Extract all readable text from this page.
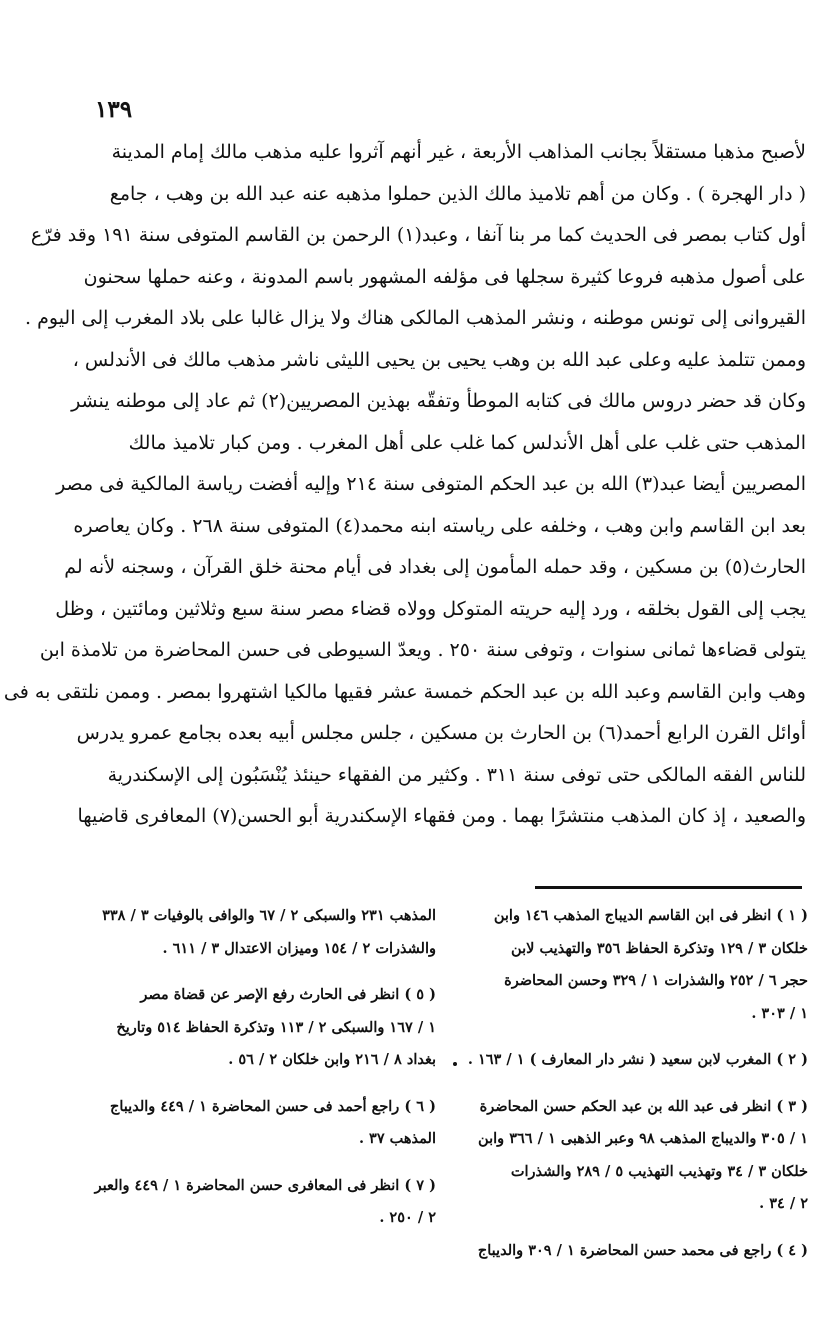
١٣٩
لأصبح مذهبا مستقلاً بجانب المذاهب الأربعة ، غير أنهم آثروا عليه مذهب مالك إمام المدينة
( دار الهجرة ) . وكان من أهم تلاميذ مالك الذين حملوا مذهبه عنه عبد الله بن وهب ، جامع
أول كتاب بمصر فى الحديث كما مر بنا آنفا ، وعبد(١) الرحمن بن القاسم المتوفى سنة ١٩١ وقد فرّع
على أصول مذهبه فروعا كثيرة سجلها فى مؤلفه المشهور باسم المدونة ، وعنه حملها سحنون
القيروانى إلى تونس موطنه ، ونشر المذهب المالكى هناك ولا يزال غالبا على بلاد المغرب إلى اليوم .
وممن تتلمذ عليه وعلى عبد الله بن وهب يحيى بن يحيى الليثى ناشر مذهب مالك فى الأندلس ،
وكان قد حضر دروس مالك فى كتابه الموطأ وتفقّه بهذين المصريين(٢) ثم عاد إلى موطنه ينشر
المذهب حتى غلب على أهل الأندلس كما غلب على أهل المغرب . ومن كبار تلاميذ مالك
المصريين أيضا عبد(٣) الله بن عبد الحكم المتوفى سنة ٢١٤ وإليه أفضت رياسة المالكية فى مصر
بعد ابن القاسم وابن وهب ، وخلفه على رياسته ابنه محمد(٤) المتوفى سنة ٢٦٨ . وكان يعاصره
الحارث(٥) بن مسكين ، وقد حمله المأمون إلى بغداد فى أيام محنة خلق القرآن ، وسجنه لأنه لم
يجب إلى القول بخلقه ، ورد إليه حريته المتوكل وولاه قضاء مصر سنة سبع وثلاثين ومائتين ، وظل
يتولى قضاءها ثمانى سنوات ، وتوفى سنة ٢٥٠ . ويعدّ السيوطى فى حسن المحاضرة من تلامذة ابن
وهب وابن القاسم وعبد الله بن عبد الحكم خمسة عشر فقيها مالكيا اشتهروا بمصر . وممن نلتقى به فى
أوائل القرن الرابع أحمد(٦) بن الحارث بن مسكين ، جلس مجلس أبيه بعده بجامع عمرو يدرس
للناس الفقه المالكى حتى توفى سنة ٣١١ . وكثير من الفقهاء حينئذ يُنْسَبُون إلى الإسكندرية
والصعيد ، إذ كان المذهب منتشرًا بهما . ومن فقهاء الإسكندرية أبو الحسن(٧) المعافرى قاضيها
( ١ ) انظر فى ابن القاسم الديباج المذهب ١٤٦ وابن
خلكان ٣ / ١٢٩ وتذكرة الحفاظ ٣٥٦ والتهذيب لابن
حجر ٦ / ٢٥٢ والشذرات ١ / ٣٢٩ وحسن المحاضرة
١ / ٣٠٣ .
( ٢ ) المغرب لابن سعيد ( نشر دار المعارف ) ١ / ١٦٣ .
( ٣ ) انظر فى عبد الله بن عبد الحكم حسن المحاضرة
١ / ٣٠٥ والديباج المذهب ٩٨ وعبر الذهبى ١ / ٣٦٦ وابن
خلكان ٣ / ٣٤ وتهذيب التهذيب ٥ / ٢٨٩ والشذرات
٢ / ٣٤ .
( ٤ ) راجع فى محمد حسن المحاضرة ١ / ٣٠٩ والديباج
المذهب ٢٣١ والسبكى ٢ / ٦٧ والوافى بالوفيات ٣ / ٣٣٨
والشذرات ٢ / ١٥٤ وميزان الاعتدال ٣ / ٦١١ .
( ٥ ) انظر فى الحارث رفع الإصر عن قضاة مصر
١ / ١٦٧ والسبكى ٢ / ١١٣ وتذكرة الحفاظ ٥١٤ وتاريخ
بغداد ٨ / ٢١٦ وابن خلكان ٢ / ٥٦ .
( ٦ ) راجع أحمد فى حسن المحاضرة ١ / ٤٤٩ والديباج
المذهب ٣٧ .
( ٧ ) انظر فى المعافرى حسن المحاضرة ١ / ٤٤٩ والعبر
٢ / ٢٥٠ .
